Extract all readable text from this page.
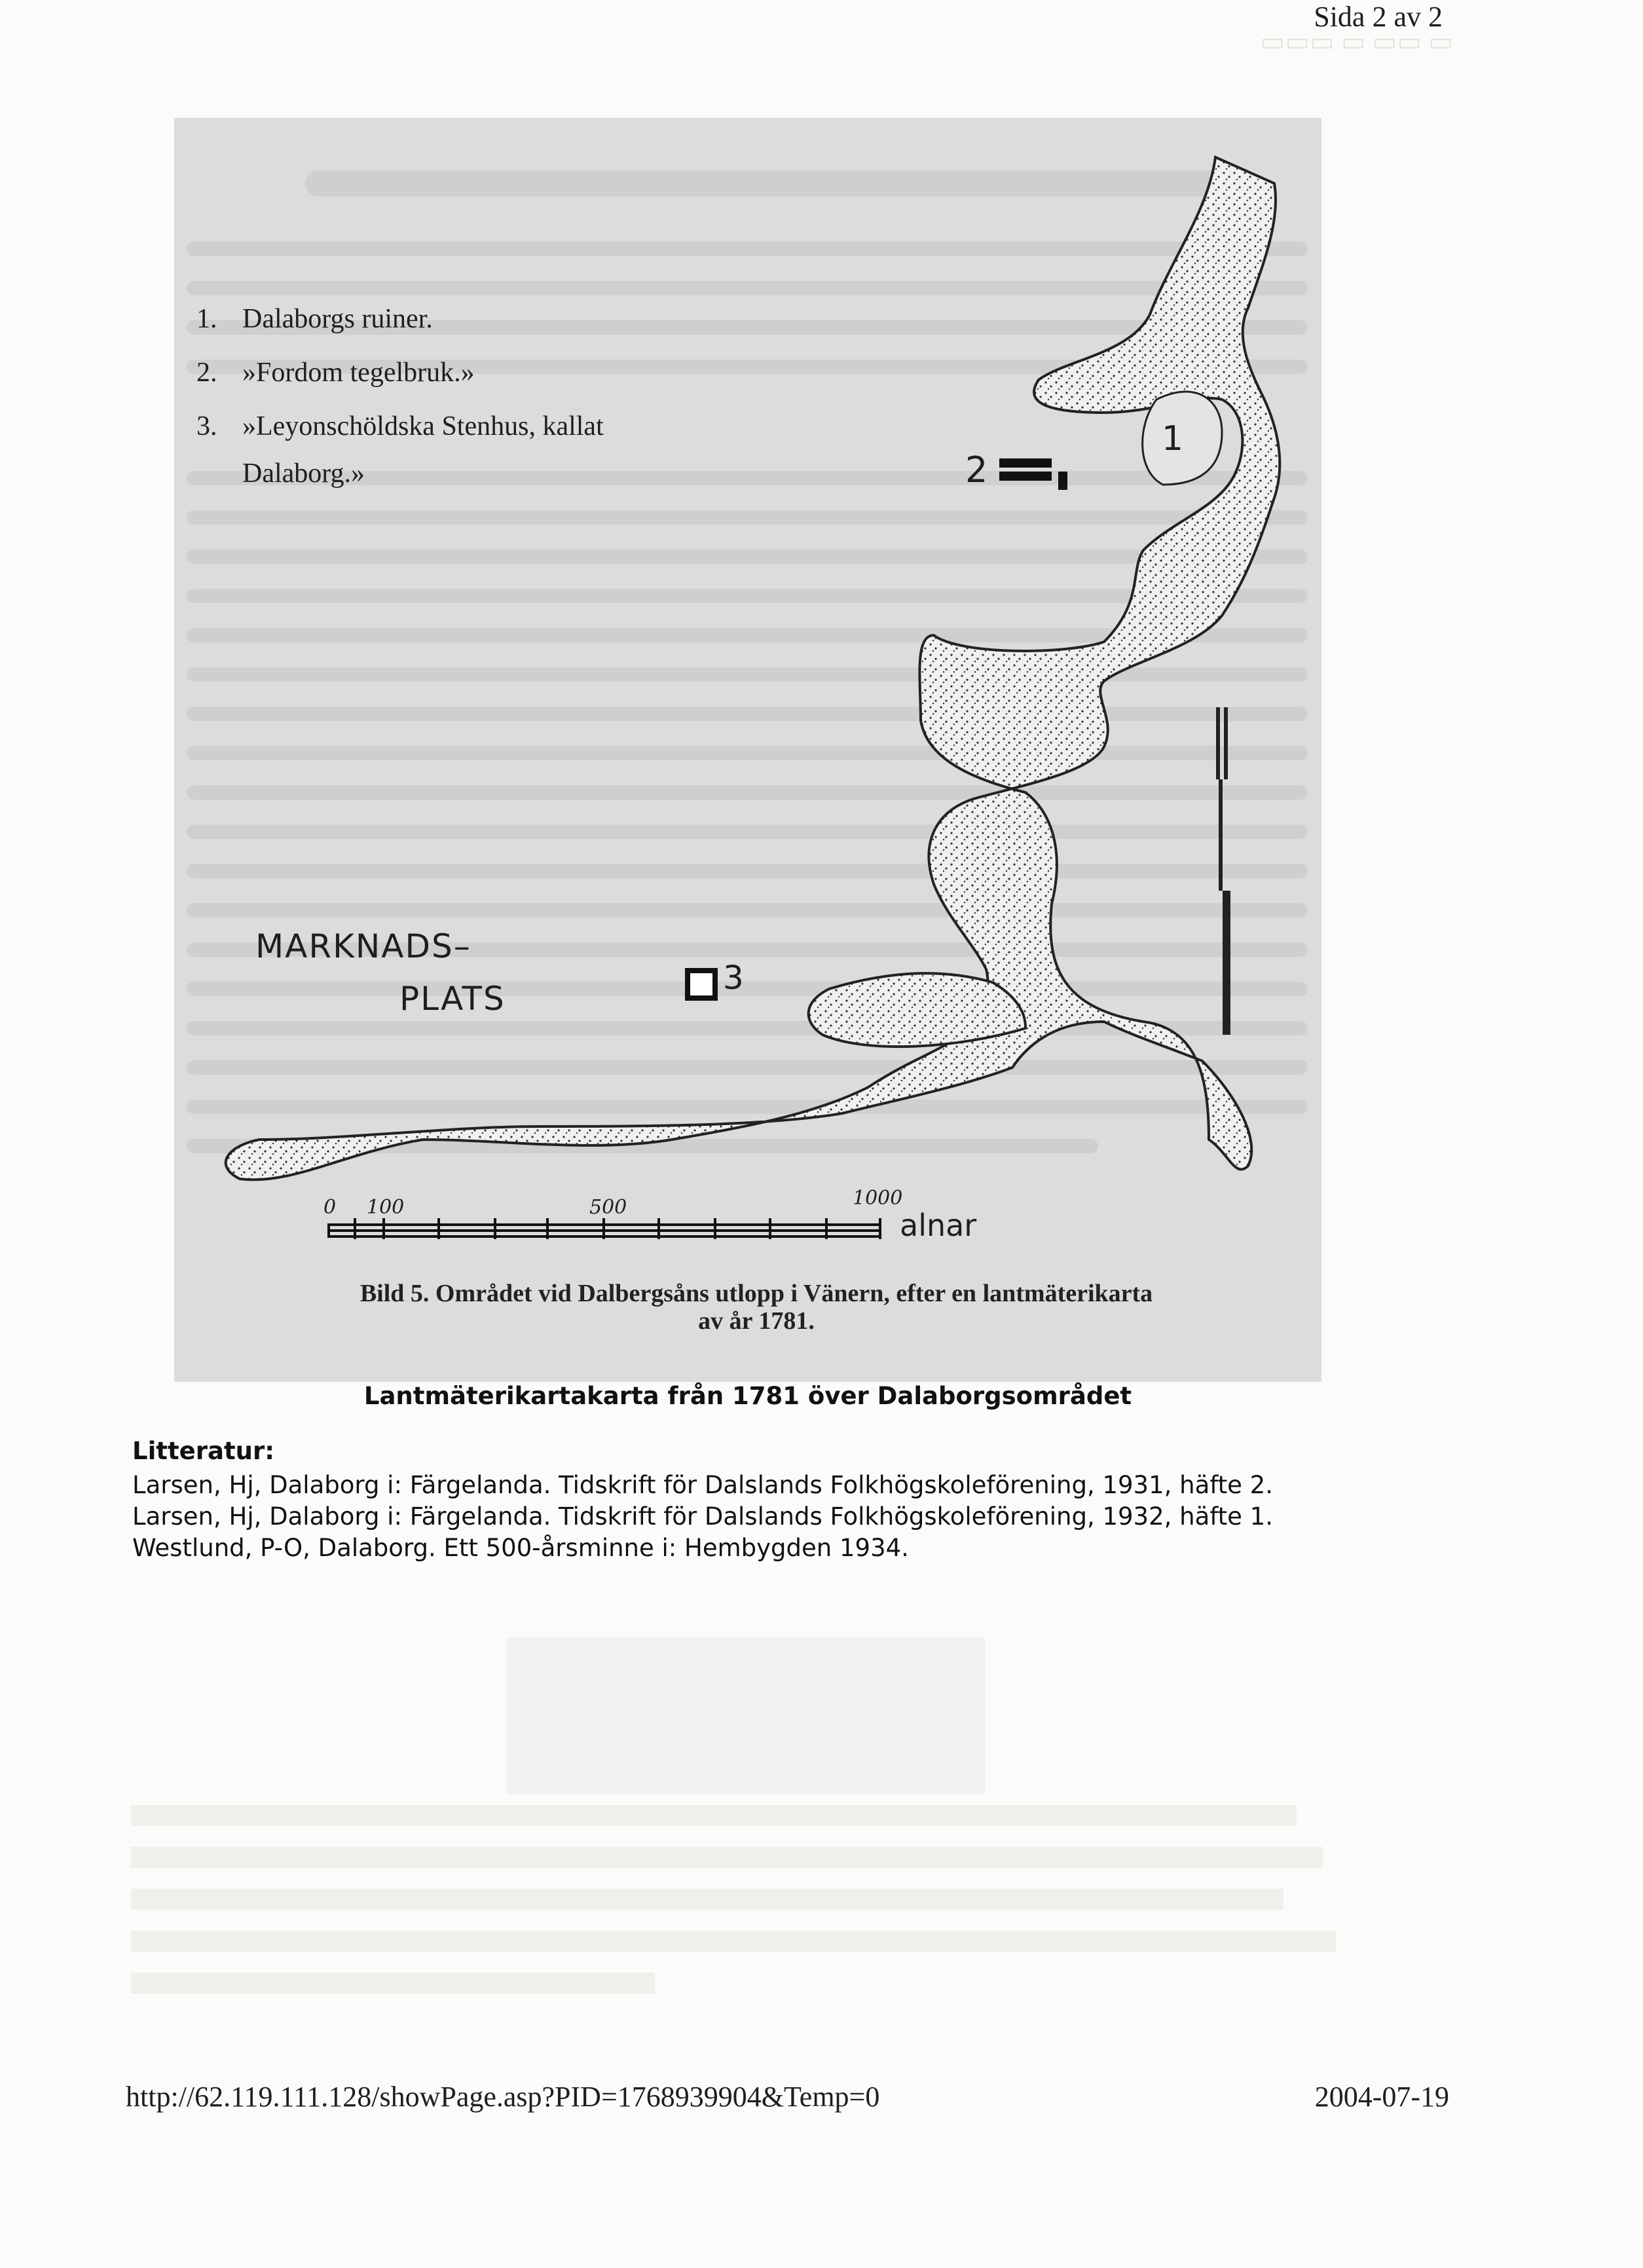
▭▭▭ ▭ ▭▭ ▭
Sida 2 av 2
1. Dalaborgs ruiner.
2. »Fordom tegelbruk.»
3. »Leyonschöldska Stenhus, kallat
Dalaborg.»
MARKNADS–
PLATS
1
2
3
0 100	500	1000
alnar
Bild 5. Området vid Dalbergsåns utlopp i Vänern, efter en lantmäterikarta
av år 1781.
Lantmäterikartakarta från 1781 över Dalaborgsområdet
Litteratur:
Larsen, Hj, Dalaborg i: Färgelanda. Tidskrift för Dalslands Folkhögskoleförening, 1931, häfte 2.
Larsen, Hj, Dalaborg i: Färgelanda. Tidskrift för Dalslands Folkhögskoleförening, 1932, häfte 1.
Westlund, P-O, Dalaborg. Ett 500-årsminne i: Hembygden 1934.
http://62.119.111.128/showPage.asp?PID=1768939904&Temp=0	2004-07-19
